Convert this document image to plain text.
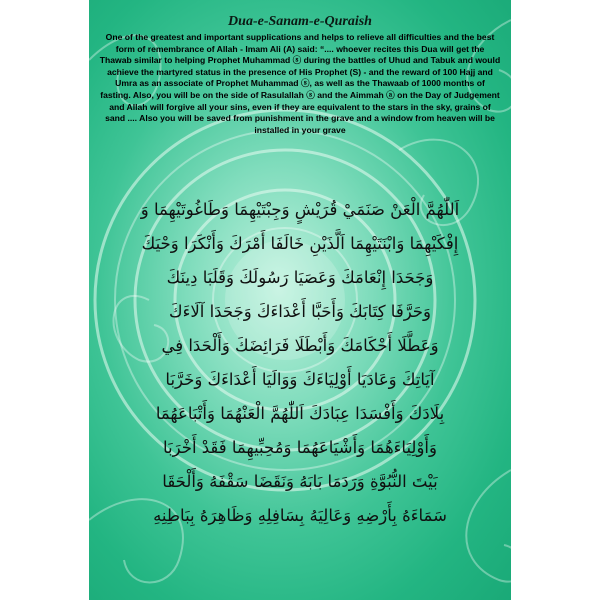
Dua-e-Sanam-e-Quraish

One of the greatest and important supplications and helps to relieve all difficulties and the best form of remembrance of Allah - Imam Ali (A) said: “.... whoever recites this Dua will get the Thawab similar to helping Prophet Muhammad ⓢ during the battles of Uhud and Tabuk and would achieve the martyred status in the presence of His Prophet (S) - and the reward of 100 Hajj and Umra as an associate of Prophet Muhammad ⓢ, as well as the Thawaab of 1000 months of fasting. Also, you will be on the side of Rasulallah ⓢ and the Aimmah ⓐ on the Day of Judgement and Allah will forgive all your sins, even if they are equivalent to the stars in the sky, grains of sand .... Also you will be saved from punishment in the grave and a window from heaven will be installed in your grave

اَللّٰهُمَّ الْعَنْ صَنَمَيْ قُرَيْشٍ وَجِبْتَيْهِمَا وَطَاغُوتَيْهِمَا وَ
إِفْكَيْهِمَا وَابْنَتَيْهِمَا اَلَّذَيْنِ خَالَفَا أَمْرَكَ وَأَنْكَرَا وَحْيَكَ
وَجَحَدَا إِنْعَامَكَ وَعَصَيَا رَسُولَكَ وَقَلَبَا دِينَكَ
وَحَرَّفَا كِتَابَكَ وَأَحَبَّا أَعْدَاءَكَ وَجَحَدَا آلَاءَكَ
وَعَطَّلَا أَحْكَامَكَ وَأَبْطَلَا فَرَائِضَكَ وَأَلْحَدَا فِي
آيَاتِكَ وَعَادَيَا أَوْلِيَاءَكَ وَوَالَيَا أَعْدَاءَكَ وَخَرَّبَا
بِلَادَكَ وَأَفْسَدَا عِبَادَكَ اَللّٰهُمَّ الْعَنْهُمَا وَأَتْبَاعَهُمَا
وَأَوْلِيَاءَهُمَا وَأَشْيَاعَهُمَا وَمُحِبِّيهِمَا فَقَدْ أَخْرَبَا
بَيْتَ النُّبُوَّةِ وَرَدَمَا بَابَهُ وَنَقَضَا سَقْفَهُ وَأَلْحَقَا
سَمَاءَهُ بِأَرْضِهِ وَعَالِيَهُ بِسَافِلِهِ وَظَاهِرَهُ بِبَاطِنِهِ
